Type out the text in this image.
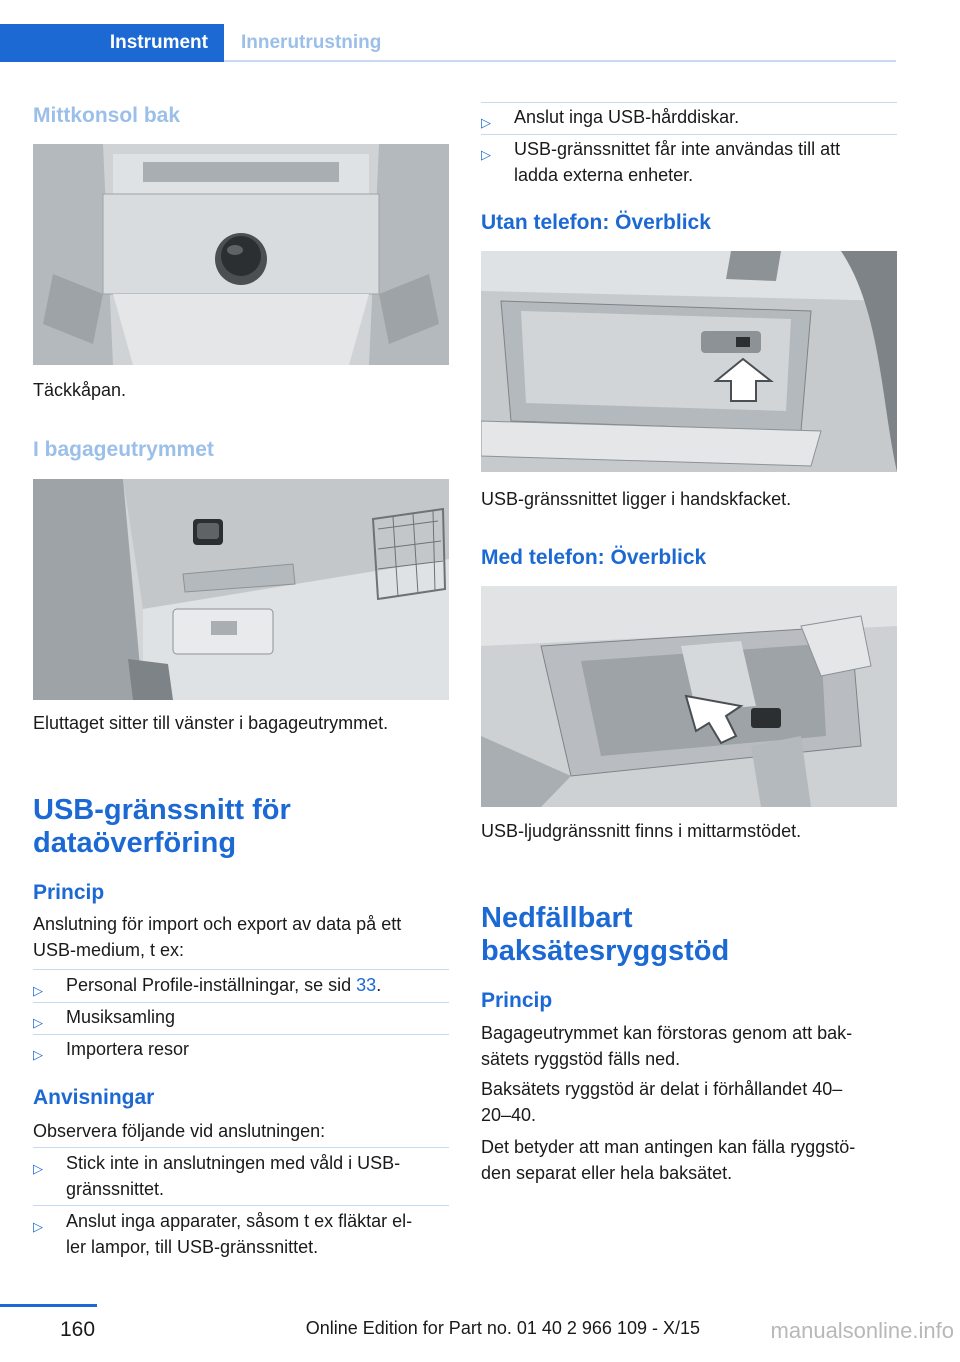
Instrument	Innerutrustning
Mittkonsol bak
Täckkåpan.
I bagageutrymmet
Eluttaget sitter till vänster i bagageutrymmet.
USB-gränssnitt för
dataöverföring
Princip
Anslutning för import och export av data på ett
USB-medium, t ex:
▷ Personal Profile-inställningar, se sid 33.
▷ Musiksamling
▷ Importera resor
Anvisningar
Observera följande vid anslutningen:
▷ Stick inte in anslutningen med våld i USB-
gränssnittet.
▷ Anslut inga apparater, såsom t ex fläktar el-
ler lampor, till USB-gränssnittet.
▷ Anslut inga USB-hårddiskar.
▷ USB-gränssnittet får inte användas till att
ladda externa enheter.
Utan telefon: Överblick
USB-gränssnittet ligger i handskfacket.
Med telefon: Överblick
USB-ljudgränssnitt finns i mittarmstödet.
Nedfällbart
baksätesryggstöd
Princip
Bagageutrymmet kan förstoras genom att bak-
sätets ryggstöd fälls ned.
Baksätets ryggstöd är delat i förhållandet 40–
20–40.
Det betyder att man antingen kan fälla ryggstö-
den separat eller hela baksätet.
160	Online Edition for Part no. 01 40 2 966 109 - X/15	manualsonline.info
